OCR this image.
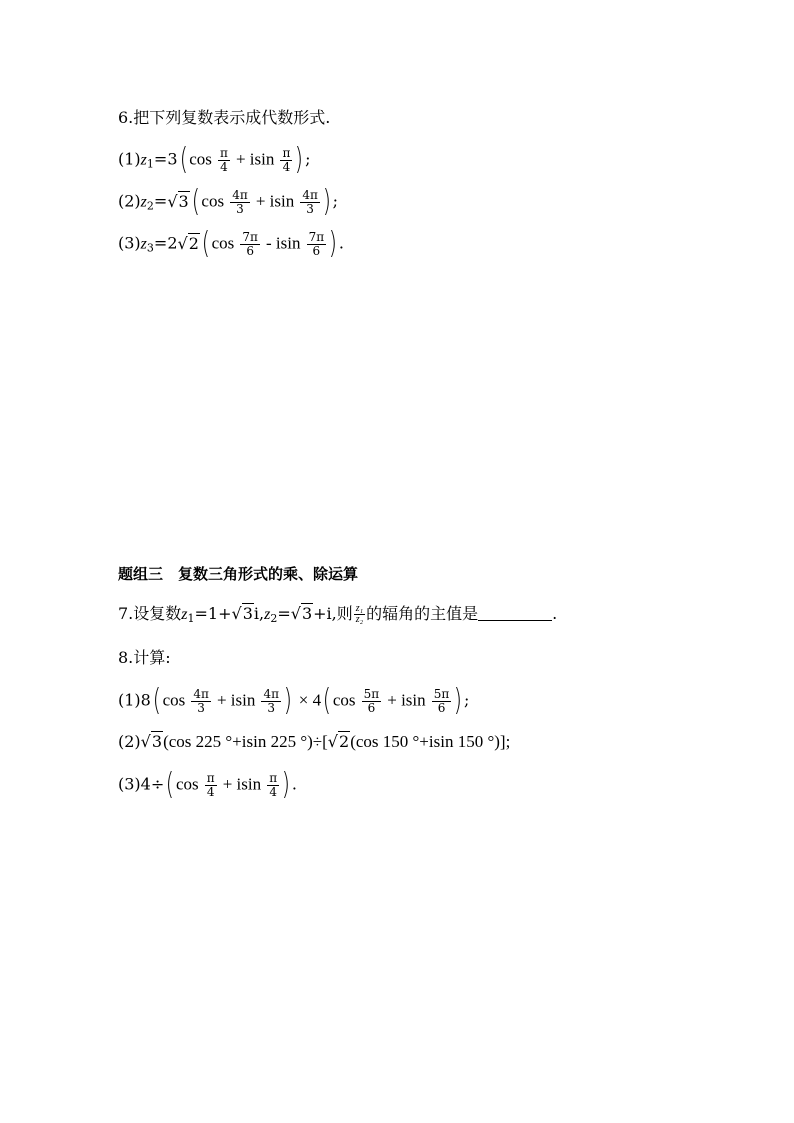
6.把下列复数表示成代数形式.
$(1)z_1=3$( $\cos \frac{\pi}{4} + isin \frac{\pi}{4}$ ) ;
$(2)z_2=√3$( $\cos \frac{4\pi}{3} + isin \frac{4\pi}{3}$ ) ;
$(3)z_3=2√2$( $\cos \frac{7\pi}{6}$ - isin $\frac{7\pi}{6}$ ) .
题组三　复数三角形式的乘、除运算
7.设复数$z_1=1+√3i,z_2=√3+i$,则 $\frac{\text{z₁}}{\text{z₂}}$ 的辐角的主值是	.
8.计算:
(1)8( $\cos \frac{4\pi}{3} + isin \frac{4\pi}{3}$ ) × 4( $\cos \frac{5\pi}{6} + isin \frac{5\pi}{6}$ ) ;
(2)√3(cos 225 °+isin 225 °)÷[√2(cos 150 °+isin 150 °)];
(3)4÷( $\cos \frac{\pi}{4} + isin \frac{\pi}{4}$ ) .
